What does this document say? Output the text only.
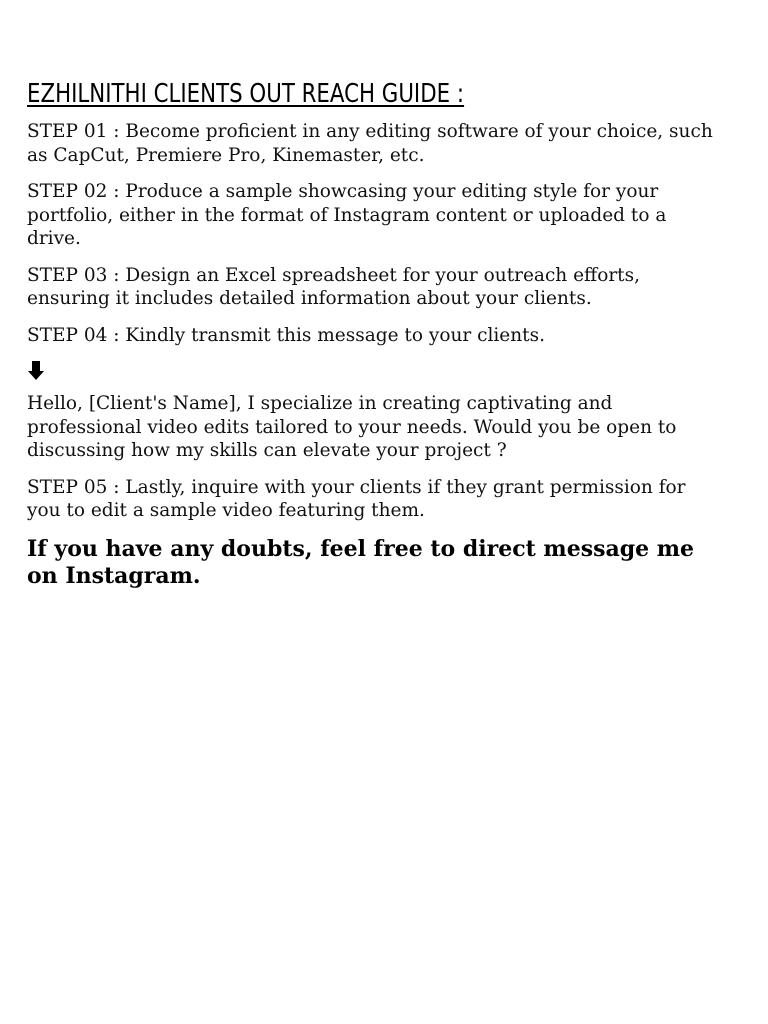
EZHILNITHI CLIENTS OUT REACH GUIDE :

STEP 01 : Become proficient in any editing software of your choice, such as CapCut, Premiere Pro, Kinemaster, etc.

STEP 02 : Produce a sample showcasing your editing style for your portfolio, either in the format of Instagram content or uploaded to a drive.

STEP 03 : Design an Excel spreadsheet for your outreach efforts, ensuring it includes detailed information about your clients.

STEP 04 : Kindly transmit this message to your clients.

Hello, [Client's Name], I specialize in creating captivating and professional video edits tailored to your needs. Would you be open to discussing how my skills can elevate your project ?

STEP 05 : Lastly, inquire with your clients if they grant permission for you to edit a sample video featuring them.

If you have any doubts, feel free to direct message me on Instagram.
